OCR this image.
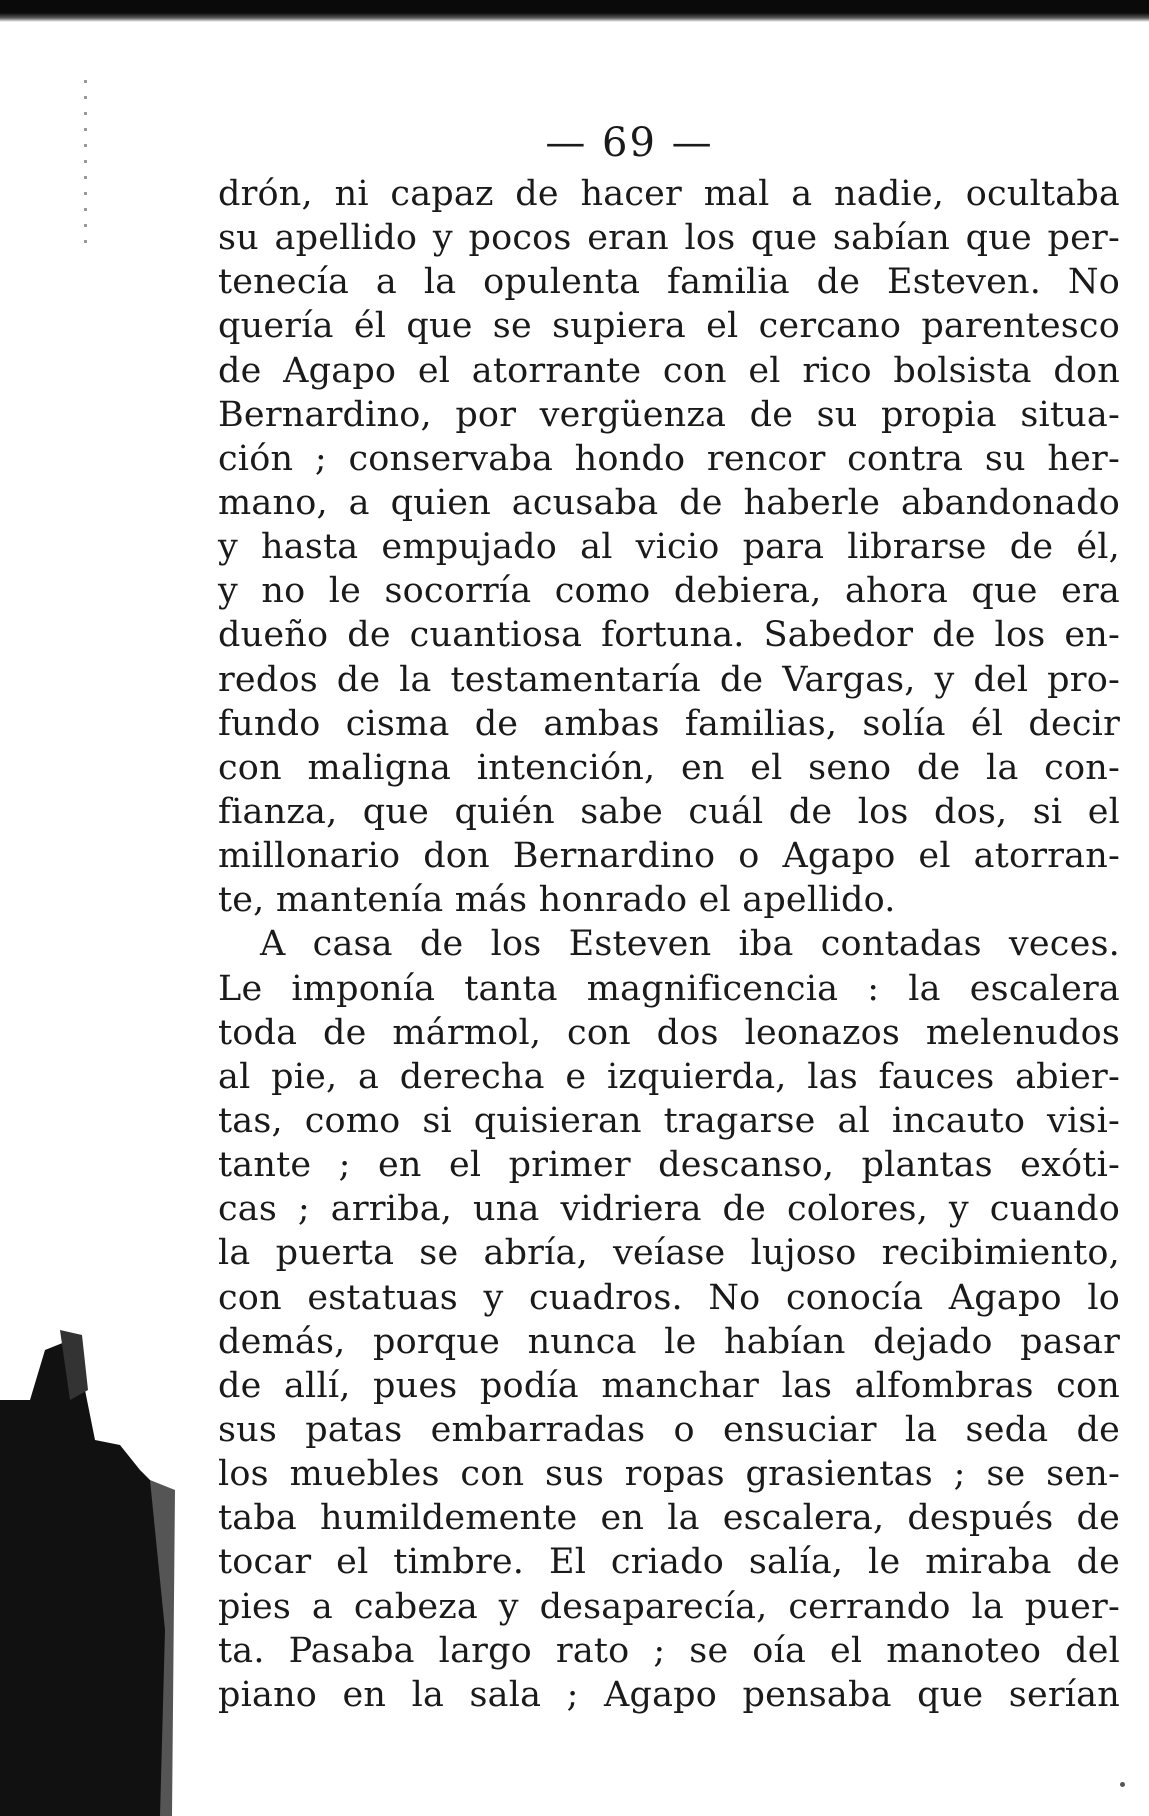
— 69 —
drón, ni capaz de hacer mal a nadie, ocultaba
su apellido y pocos eran los que sabían que per-
tenecía a la opulenta familia de Esteven. No
quería él que se supiera el cercano parentesco
de Agapo el atorrante con el rico bolsista don
Bernardino, por vergüenza de su propia situa-
ción ; conservaba hondo rencor contra su her-
mano, a quien acusaba de haberle abandonado
y hasta empujado al vicio para librarse de él,
y no le socorría como debiera, ahora que era
dueño de cuantiosa fortuna. Sabedor de los en-
redos de la testamentaría de Vargas, y del pro-
fundo cisma de ambas familias, solía él decir
con maligna intención, en el seno de la con-
fianza, que quién sabe cuál de los dos, si el
millonario don Bernardino o Agapo el atorran-
te, mantenía más honrado el apellido.
A casa de los Esteven iba contadas veces.
Le imponía tanta magnificencia : la escalera
toda de mármol, con dos leonazos melenudos
al pie, a derecha e izquierda, las fauces abier-
tas, como si quisieran tragarse al incauto visi-
tante ; en el primer descanso, plantas exóti-
cas ; arriba, una vidriera de colores, y cuando
la puerta se abría, veíase lujoso recibimiento,
con estatuas y cuadros. No conocía Agapo lo
demás, porque nunca le habían dejado pasar
de allí, pues podía manchar las alfombras con
sus patas embarradas o ensuciar la seda de
los muebles con sus ropas grasientas ; se sen-
taba humildemente en la escalera, después de
tocar el timbre. El criado salía, le miraba de
pies a cabeza y desaparecía, cerrando la puer-
ta. Pasaba largo rato ; se oía el manoteo del
piano en la sala ; Agapo pensaba que serían
